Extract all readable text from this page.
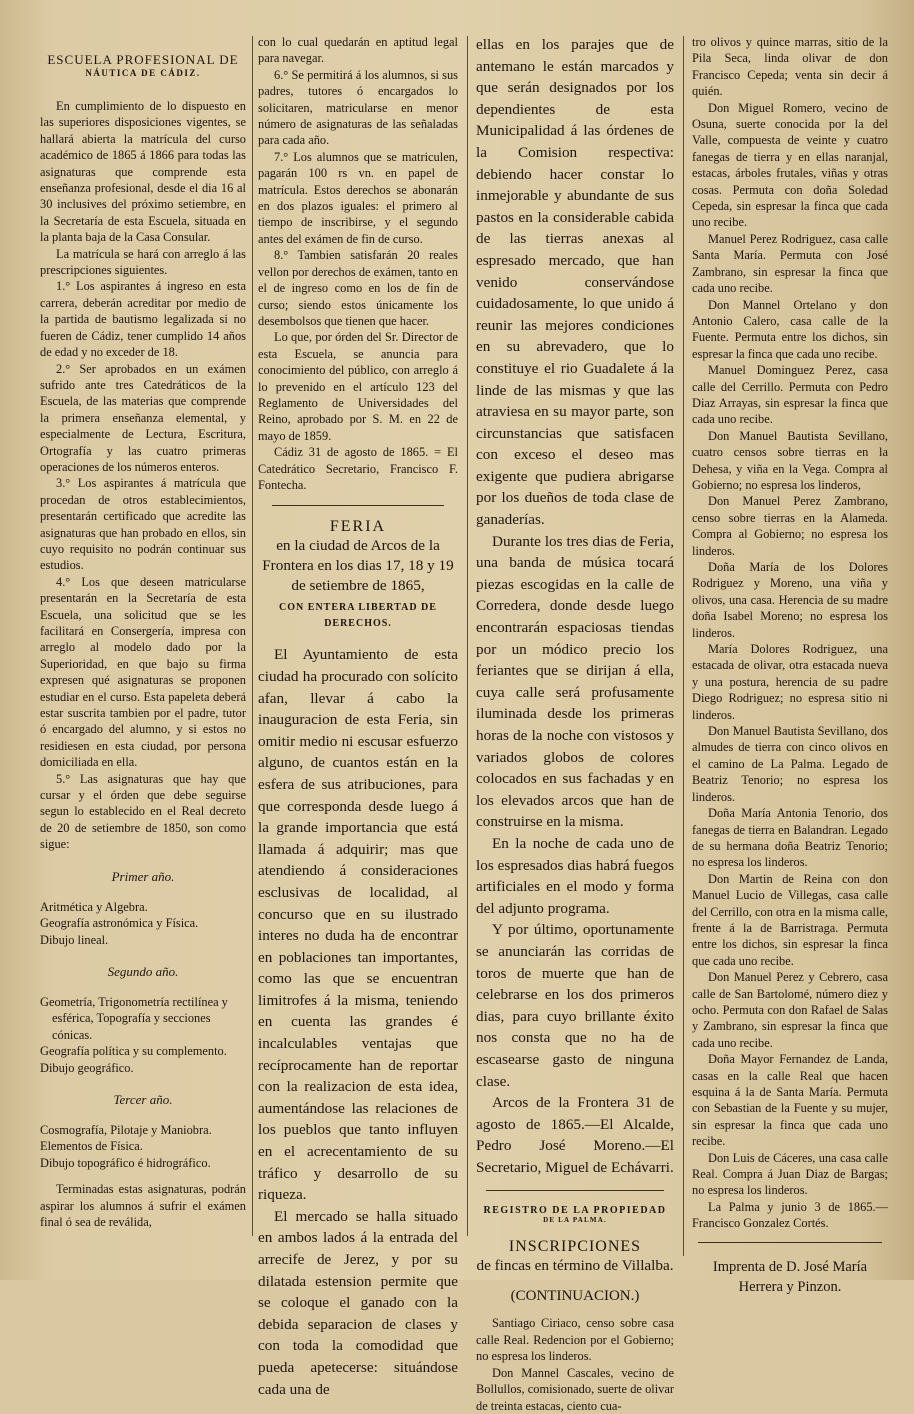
ESCUELA PROFESIONAL DE
NÁUTICA DE CÁDIZ.

En cumplimiento de lo dispuesto en las superiores disposiciones vigentes, se hallará abierta la matrícula del curso académico de 1865 á 1866 para todas las asignaturas que comprende esta enseñanza profesional, desde el dia 16 al 30 inclusives del próximo setiembre, en la Secretaría de esta Escuela, situada en la planta baja de la Casa Consular.

La matrícula se hará con arreglo á las prescripciones siguientes.

1.° Los aspirantes á ingreso en esta carrera, deberán acreditar por medio de la partida de bautismo legalizada si no fueren de Cádiz, tener cumplido 14 años de edad y no exceder de 18.

2.° Ser aprobados en un exámen sufrido ante tres Catedráticos de la Escuela, de las materias que comprende la primera enseñanza elemental, y especialmente de Lectura, Escritura, Ortografía y las cuatro primeras operaciones de los números enteros.

3.° Los aspirantes á matrícula que procedan de otros establecimientos, presentarán certificado que acredite las asignaturas que han probado en ellos, sin cuyo requisito no podrán continuar sus estudios.

4.° Los que deseen matricularse presentarán en la Secretaría de esta Escuela, una solicitud que se les facilitará en Consergería, impresa con arreglo al modelo dado por la Superioridad, en que bajo su firma expresen qué asignaturas se proponen estudiar en el curso. Esta papeleta deberá estar suscrita tambien por el padre, tutor ó encargado del alumno, y si estos no residiesen en esta ciudad, por persona domiciliada en ella.

5.° Las asignaturas que hay que cursar y el órden que debe seguirse segun lo establecido en el Real decreto de 20 de setiembre de 1850, son como sigue:

Primer año.

Aritmética y Algebra.

Geografía astronómica y Física.

Dibujo lineal.

Segundo año.

Geometría, Trigonometría rectilínea y esférica, Topografía y secciones cónicas.

Geografía política y su complemento.

Dibujo geográfico.

Tercer año.

Cosmografía, Pilotaje y Maniobra.

Elementos de Física.

Dibujo topográfico é hidrográfico.

Terminadas estas asignaturas, podrán aspirar los alumnos á sufrir el exámen final ó sea de reválida,

con lo cual quedarán en aptitud legal para navegar.

6.° Se permitirá á los alumnos, si sus padres, tutores ó encargados lo solicitaren, matricularse en menor número de asignaturas de las señaladas para cada año.

7.° Los alumnos que se matriculen, pagarán 100 rs vn. en papel de matrícula. Estos derechos se abonarán en dos plazos iguales: el primero al tiempo de inscribirse, y el segundo antes del exámen de fin de curso.

8.° Tambien satisfarán 20 reales vellon por derechos de exámen, tanto en el de ingreso como en los de fin de curso; siendo estos únicamente los desembolsos que tienen que hacer.

Lo que, por órden del Sr. Director de esta Escuela, se anuncia para conocimiento del público, con arreglo á lo prevenido en el artículo 123 del Reglamento de Universidades del Reino, aprobado por S. M. en 22 de mayo de 1859.

Cádiz 31 de agosto de 1865. = El Catedrático Secretario, Francisco F. Fontecha.

FERIA
en la ciudad de Arcos de la Frontera en los dias 17, 18 y 19 de setiembre de 1865,
CON ENTERA LIBERTAD DE DERECHOS.

El Ayuntamiento de esta ciudad ha procurado con solícito afan, llevar á cabo la inauguracion de esta Feria, sin omitir medio ni escusar esfuerzo alguno, de cuantos están en la esfera de sus atribuciones, para que corresponda desde luego á la grande importancia que está llamada á adquirir; mas que atendiendo á consideraciones esclusivas de localidad, al concurso que en su ilustrado interes no duda ha de encontrar en poblaciones tan importantes, como las que se encuentran limitrofes á la misma, teniendo en cuenta las grandes é incalculables ventajas que recíprocamente han de reportar con la realizacion de esta idea, aumentándose las relaciones de los pueblos que tanto influyen en el acrecentamiento de su tráfico y desarrollo de su riqueza.

El mercado se halla situado en ambos lados á la entrada del arrecife de Jerez, y por su dilatada estension permite que se coloque el ganado con la debida separacion de clases y con toda la comodidad que pueda apetecerse: situándose cada una de

ellas en los parajes que de antemano le están marcados y que serán designados por los dependientes de esta Municipalidad á las órdenes de la Comision respectiva: debiendo hacer constar lo inmejorable y abundante de sus pastos en la considerable cabida de las tierras anexas al espresado mercado, que han venido conservándose cuidadosamente, lo que unido á reunir las mejores condiciones en su abrevadero, que lo constituye el rio Guadalete á la linde de las mismas y que las atraviesa en su mayor parte, son circunstancias que satisfacen con exceso el deseo mas exigente que pudiera abrigarse por los dueños de toda clase de ganaderías.

Durante los tres dias de Feria, una banda de música tocará piezas escogidas en la calle de Corredera, donde desde luego encontrarán espaciosas tiendas por un módico precio los feriantes que se dirijan á ella, cuya calle será profusamente iluminada desde los primeras horas de la noche con vistosos y variados globos de colores colocados en sus fachadas y en los elevados arcos que han de construirse en la misma.

En la noche de cada uno de los espresados dias habrá fuegos artificiales en el modo y forma del adjunto programa.

Y por último, oportunamente se anunciarán las corridas de toros de muerte que han de celebrarse en los dos primeros dias, para cuyo brillante éxito nos consta que no ha de escasearse gasto de ninguna clase.

Arcos de la Frontera 31 de agosto de 1865.—El Alcalde, Pedro José Moreno.—El Secretario, Miguel de Echávarri.

REGISTRO DE LA PROPIEDAD
DE LA PALMA.
INSCRIPCIONES
de fincas en término de Villalba.
(CONTINUACION.)

Santiago Ciriaco, censo sobre casa calle Real. Redencion por el Gobierno; no espresa los linderos.

Don Mannel Cascales, vecino de Bollullos, comisionado, suerte de olivar de treinta estacas, ciento cua-

tro olivos y quince marras, sitio de la Pila Seca, linda olivar de don Francisco Cepeda; venta sin decir á quién.

Don Miguel Romero, vecino de Osuna, suerte conocida por la del Valle, compuesta de veinte y cuatro fanegas de tierra y en ellas naranjal, estacas, árboles frutales, viñas y otras cosas. Permuta con doña Soledad Cepeda, sin espresar la finca que cada uno recibe.

Manuel Perez Rodriguez, casa calle Santa María. Permuta con José Zambrano, sin espresar la finca que cada uno recibe.

Don Mannel Ortelano y don Antonio Calero, casa calle de la Fuente. Permuta entre los dichos, sin espresar la finca que cada uno recibe.

Manuel Dominguez Perez, casa calle del Cerrillo. Permuta con Pedro Diaz Arrayas, sin espresar la finca que cada uno recibe.

Don Manuel Bautista Sevillano, cuatro censos sobre tierras en la Dehesa, y viña en la Vega. Compra al Gobierno; no espresa los linderos,

Don Manuel Perez Zambrano, censo sobre tierras en la Alameda. Compra al Gobierno; no espresa los linderos.

Doña María de los Dolores Rodriguez y Moreno, una viña y olivos, una casa. Herencia de su madre doña Isabel Moreno; no espresa los linderos.

María Dolores Rodriguez, una estacada de olivar, otra estacada nueva y una postura, herencia de su padre Diego Rodriguez; no espresa sitio ni linderos.

Don Manuel Bautista Sevillano, dos almudes de tierra con cinco olivos en el camino de La Palma. Legado de Beatriz Tenorio; no espresa los linderos.

Doña María Antonia Tenorio, dos fanegas de tierra en Balandran. Legado de su hermana doña Beatriz Tenorio; no espresa los linderos.

Don Martin de Reina con don Manuel Lucio de Villegas, casa calle del Cerrillo, con otra en la misma calle, frente á la de Barristraga. Permuta entre los dichos, sin espresar la finca que cada uno recibe.

Don Manuel Perez y Cebrero, casa calle de San Bartolomé, número diez y ocho. Permuta con don Rafael de Salas y Zambrano, sin espresar la finca que cada uno recibe.

Doña Mayor Fernandez de Landa, casas en la calle Real que hacen esquina á la de Santa María. Permuta con Sebastian de la Fuente y su mujer, sin espresar la finca que cada uno recibe.

Don Luis de Cáceres, una casa calle Real. Compra á Juan Diaz de Bargas; no espresa los linderos.

La Palma y junio 3 de 1865.— Francisco Gonzalez Cortés.

Imprenta de D. José María Herrera y Pinzon.
